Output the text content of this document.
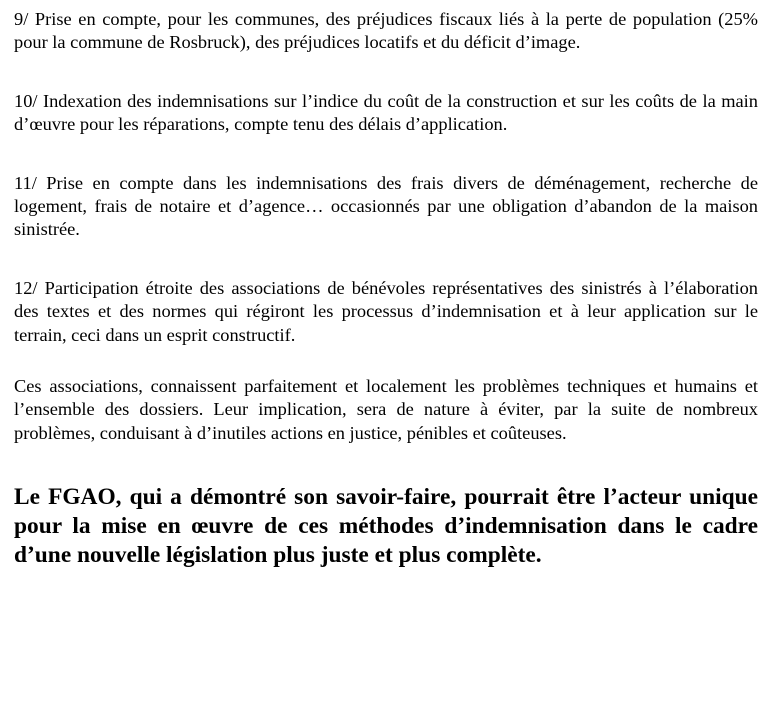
9/ Prise en compte, pour les communes, des préjudices fiscaux liés à la perte de population (25% pour la commune de Rosbruck), des préjudices locatifs et du déficit d’image.

10/ Indexation des indemnisations sur l’indice du coût de la construction et sur les coûts de la main d’œuvre pour les réparations, compte tenu des délais d’application.

11/ Prise en compte dans les indemnisations des frais divers de déménagement, recherche de logement, frais de notaire et d’agence… occasionnés par une obligation d’abandon de la maison sinistrée.

12/ Participation étroite des associations de bénévoles représentatives des sinistrés à l’élaboration des textes et des normes qui régiront les processus d’indemnisation et à leur application sur le terrain, ceci dans un esprit constructif.

Ces associations, connaissent parfaitement et localement les problèmes techniques et humains et l’ensemble des dossiers. Leur implication, sera de nature à éviter, par la suite de nombreux problèmes, conduisant à d’inutiles actions en justice, pénibles et coûteuses.

Le FGAO, qui a démontré son savoir-faire, pourrait être l’acteur unique pour la mise en œuvre de ces méthodes d’indemnisation dans le cadre d’une nouvelle législation plus juste et plus complète.
